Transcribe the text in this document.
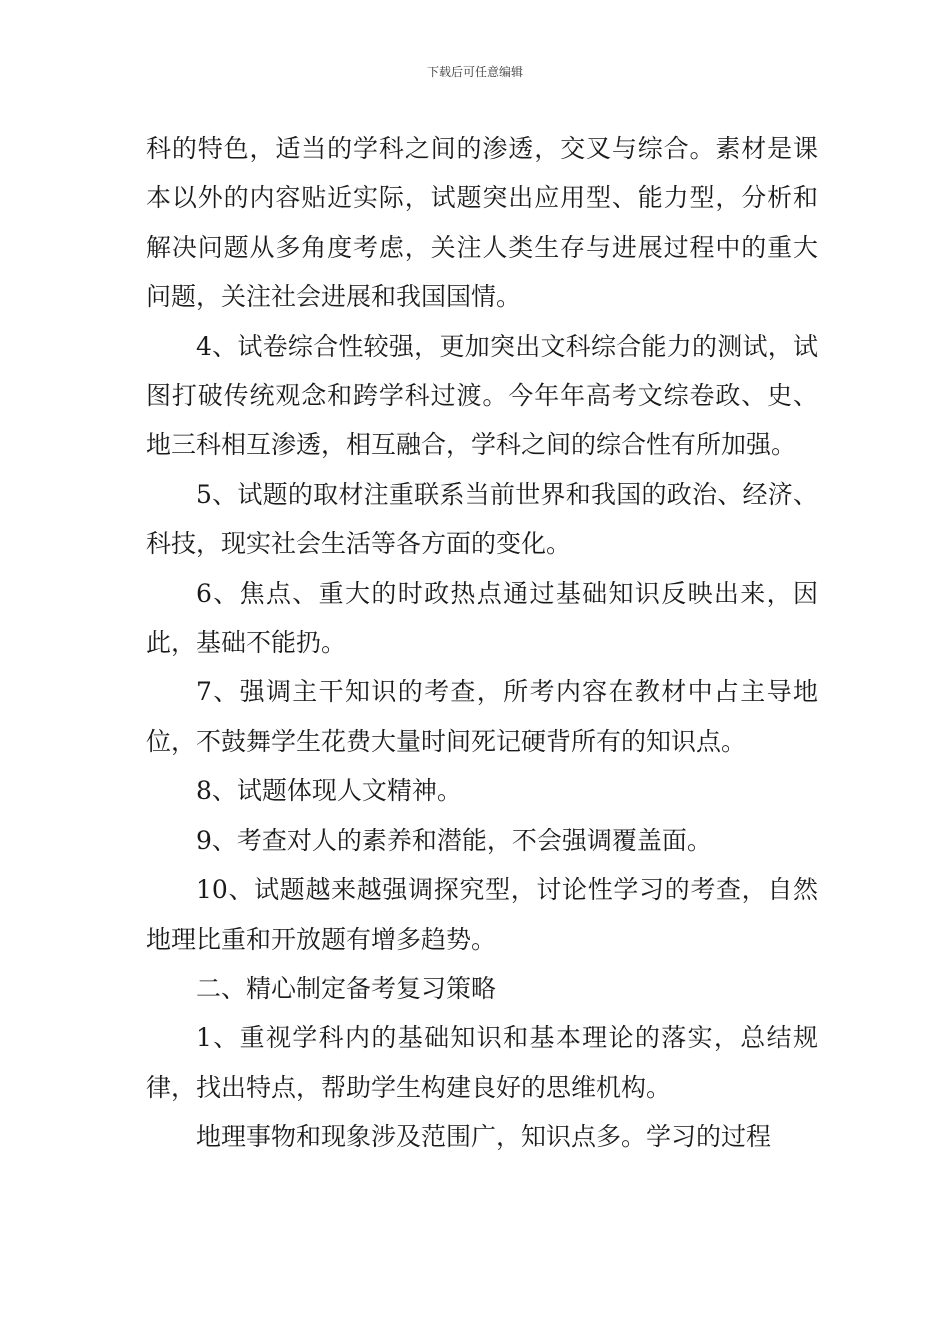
下载后可任意编辑

科的特色，适当的学科之间的渗透，交叉与综合。素材是课本以外的内容贴近实际，试题突出应用型、能力型，分析和解决问题从多角度考虑，关注人类生存与进展过程中的重大问题，关注社会进展和我国国情。

4、试卷综合性较强，更加突出文科综合能力的测试，试图打破传统观念和跨学科过渡。今年年高考文综卷政、史、地三科相互渗透，相互融合，学科之间的综合性有所加强。

5、试题的取材注重联系当前世界和我国的政治、经济、科技，现实社会生活等各方面的变化。

6、焦点、重大的时政热点通过基础知识反映出来，因此，基础不能扔。

7、强调主干知识的考查，所考内容在教材中占主导地位，不鼓舞学生花费大量时间死记硬背所有的知识点。

8、试题体现人文精神。

9、考查对人的素养和潜能，不会强调覆盖面。

10、试题越来越强调探究型，讨论性学习的考查，自然地理比重和开放题有增多趋势。

二、精心制定备考复习策略

1、重视学科内的基础知识和基本理论的落实，总结规律，找出特点，帮助学生构建良好的思维机构。

地理事物和现象涉及范围广，知识点多。学习的过程
